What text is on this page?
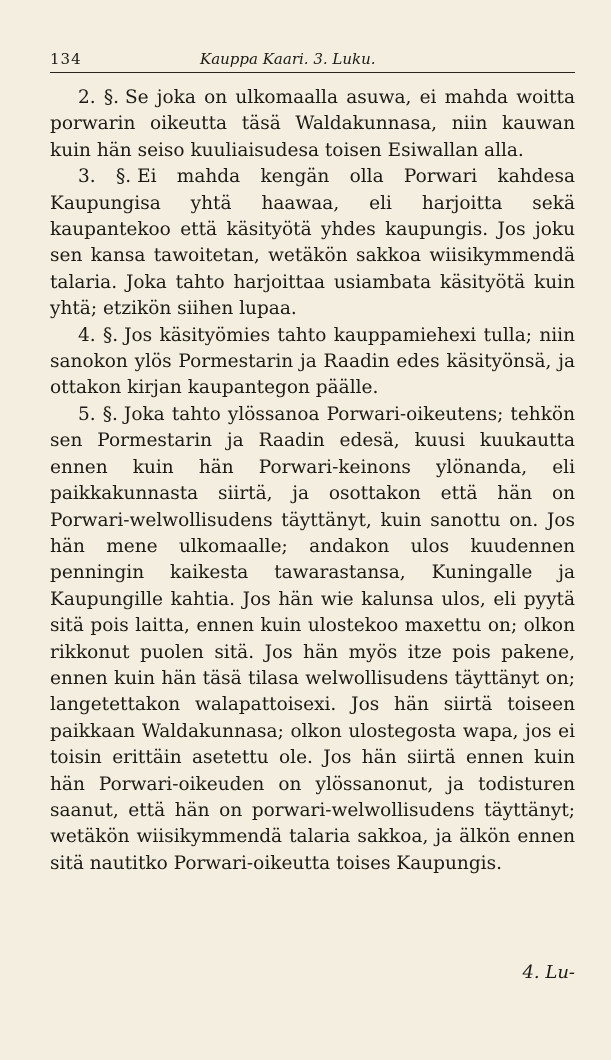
134	Kauppa Kaari. 3. Luku.

2. §. Se joka on ulkomaalla asuwa, ei mahda woitta porwarin oikeutta täsä Waldakunnasa, niin kauwan kuin hän seiso kuuliaisudesa toisen Esiwallan alla.

3. §. Ei mahda kengän olla Porwari kahdesa Kaupungisa yhtä haawaa, eli harjoitta sekä kaupantekoo että käsityötä yhdes kaupungis. Jos joku sen kansa tawoitetan, wetäkön sakkoa wiisikymmendä talaria. Joka tahto harjoittaa usiambata käsityötä kuin yhtä; etzikön siihen lupaa.

4. §. Jos käsityömies tahto kauppamiehexi tulla; niin sanokon ylös Pormestarin ja Raadin edes käsityönsä, ja ottakon kirjan kaupantegon päälle.

5. §. Joka tahto ylössanoa Porwari-oikeutens; tehkön sen Pormestarin ja Raadin edesä, kuusi kuukautta ennen kuin hän Porwari-keinons ylönanda, eli paikkakunnasta siirtä, ja osottakon että hän on Porwari-welwollisudens täyttänyt, kuin sanottu on. Jos hän mene ulkomaalle; andakon ulos kuudennen penningin kaikesta tawarastansa, Kuningalle ja Kaupungille kahtia. Jos hän wie kalunsa ulos, eli pyytä sitä pois laitta, ennen kuin ulostekoo maxettu on; olkon rikkonut puolen sitä. Jos hän myös itze pois pakene, ennen kuin hän täsä tilasa welwollisudens täyttänyt on; langetettakon walapattoisexi. Jos hän siirtä toiseen paikkaan Waldakunnasa; olkon ulostegosta wapa, jos ei toisin erittäin asetettu ole. Jos hän siirtä ennen kuin hän Porwari-oikeuden on ylössanonut, ja todisturen saanut, että hän on porwari-welwollisudens täyttänyt; wetäkön wiisikymmendä talaria sakkoa, ja älkön ennen sitä nautitko Porwari-oikeutta toises Kaupungis.

4. Lu-
